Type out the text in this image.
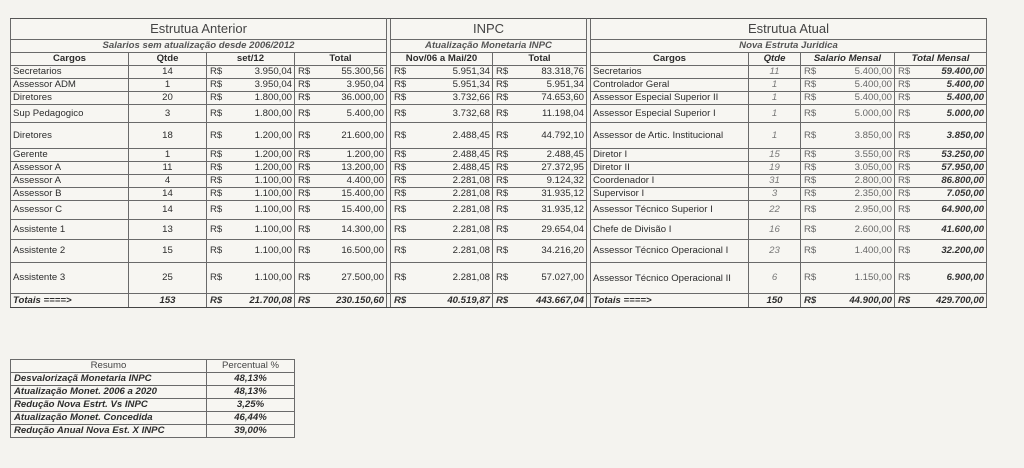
Estrutua Anterior							INPC					Estrutua Atual					
Salarios sem atualização desde 2006/2012							Atualização Monetaria INPC					Nova Estruta Juridica					
Cargos	Qtde	set/12		Total			Nov/06 a Mai/20		Total			Cargos	Qtde	Salario Mensal		Total Mensal	
Secretarios	14	R$	3.950,04	R$	55.300,56		R$	5.951,34	R$	83.318,76		Secretarios	11	R$	5.400,00	R$	59.400,00
Assessor ADM	1	R$	3.950,04	R$	3.950,04		R$	5.951,34	R$	5.951,34		Controlador Geral	1	R$	5.400,00	R$	5.400,00
Diretores	20	R$	1.800,00	R$	36.000,00		R$	3.732,66	R$	74.653,60		Assessor Especial Superior II	1	R$	5.400,00	R$	5.400,00
Sup Pedagogico	3	R$	1.800,00	R$	5.400,00		R$	3.732,68	R$	11.198,04		Assessor Especial Superior I	1	R$	5.000,00	R$	5.000,00
Diretores	18	R$	1.200,00	R$	21.600,00		R$	2.488,45	R$	44.792,10		Assessor de Artic. Institucional	1	R$	3.850,00	R$	3.850,00
Gerente	1	R$	1.200,00	R$	1.200,00		R$	2.488,45	R$	2.488,45		Diretor I	15	R$	3.550,00	R$	53.250,00
Assessor A	11	R$	1.200,00	R$	13.200,00		R$	2.488,45	R$	27.372,95		Diretor II	19	R$	3.050,00	R$	57.950,00
Assessor A	4	R$	1.100,00	R$	4.400,00		R$	2.281,08	R$	9.124,32		Coordenador I	31	R$	2.800,00	R$	86.800,00
Assessor B	14	R$	1.100,00	R$	15.400,00		R$	2.281,08	R$	31.935,12		Supervisor I	3	R$	2.350,00	R$	7.050,00
Assessor C	14	R$	1.100,00	R$	15.400,00		R$	2.281,08	R$	31.935,12		Assessor Técnico Superior I	22	R$	2.950,00	R$	64.900,00
Assistente 1	13	R$	1.100,00	R$	14.300,00		R$	2.281,08	R$	29.654,04		Chefe de Divisão I	16	R$	2.600,00	R$	41.600,00
Assistente 2	15	R$	1.100,00	R$	16.500,00		R$	2.281,08	R$	34.216,20		Assessor Técnico Operacional I	23	R$	1.400,00	R$	32.200,00
Assistente 3	25	R$	1.100,00	R$	27.500,00		R$	2.281,08	R$	57.027,00		Assessor Técnico Operacional II	6	R$	1.150,00	R$	6.900,00
Totais ====>	153	R$	21.700,08	R$	230.150,60		R$	40.519,87	R$	443.667,04		Totais ====>	150	R$	44.900,00	R$	429.700,00
Resumo	Percentual %
Desvalorizaçã Monetaria INPC	48,13%
Atualização Monet. 2006 a 2020	48,13%
Redução Nova Estrt. Vs INPC	3,25%
Atualização Monet. Concedida	46,44%
Redução Anual Nova Est. X INPC	39,00%
